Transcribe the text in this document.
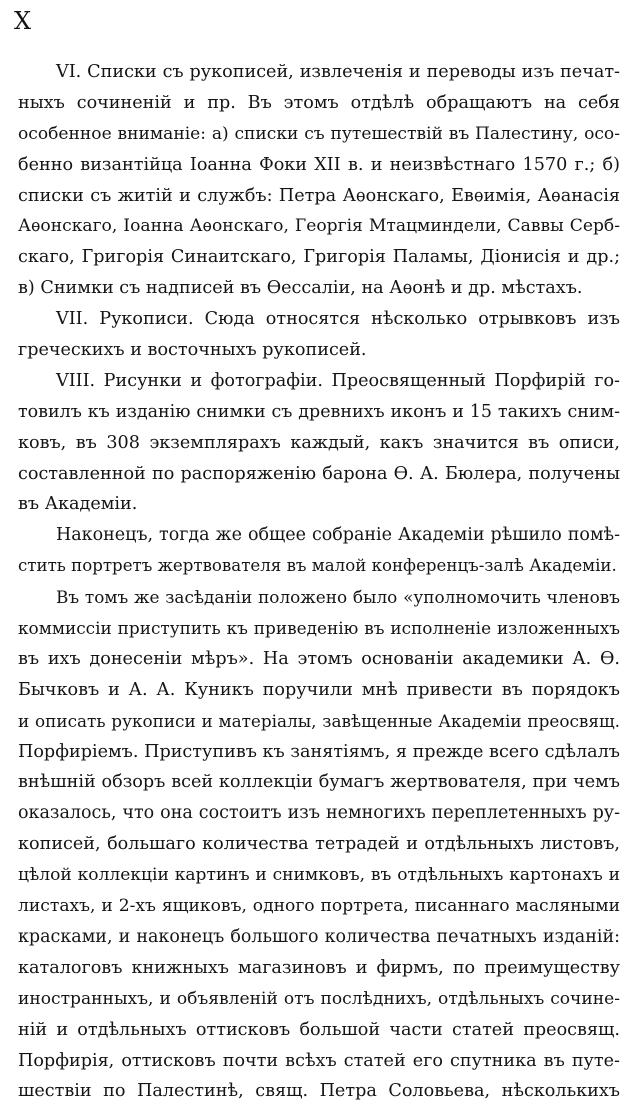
X
VI. Списки съ рукописей, извлеченія и переводы изъ печат-
ныхъ сочиненій и пр. Въ этомъ отдѣлѣ обращаютъ на себя
особенное вниманіе: а) списки съ путешествій въ Палестину, осо-
бенно византійца Іоанна Фоки XII в. и неизвѣстнаго 1570 г.; б)
списки съ житій и службъ: Петра Аѳонскаго, Евѳимія, Аѳанасія
Аѳонскаго, Іоанна Аѳонскаго, Георгія Мтацминдели, Саввы Серб-
скаго, Григорія Синаитскаго, Григорія Паламы, Діонисія и др.;
в) Снимки съ надписей въ Ѳессаліи, на Аѳонѣ и др. мѣстахъ.
VII. Рукописи. Сюда относятся нѣсколько отрывковъ изъ
греческихъ и восточныхъ рукописей.
VIII. Рисунки и фотографіи. Преосвященный Порфирій го-
товилъ къ изданію снимки съ древнихъ иконъ и 15 такихъ сним-
ковъ, въ 308 экземплярахъ каждый, какъ значится въ описи,
составленной по распоряженію барона Ѳ. А. Бюлера, получены
въ Академіи.
Наконецъ, тогда же общее собраніе Академіи рѣшило помѣ-
стить портретъ жертвователя въ малой конференцъ-залѣ Академіи.
Въ томъ же засѣданіи положено было «уполномочить членовъ
коммиссіи приступить къ приведенію въ исполненіе изложенныхъ
въ ихъ донесеніи мѣръ». На этомъ основаніи академики А. Ѳ.
Бычковъ и А. А. Куникъ поручили мнѣ привести въ порядокъ
и описать рукописи и матеріалы, завѣщенные Академіи преосвящ.
Порфиріемъ. Приступивъ къ занятіямъ, я прежде всего сдѣлалъ
внѣшній обзоръ всей коллекціи бумагъ жертвователя, при чемъ
оказалось, что она состоитъ изъ немногихъ переплетенныхъ ру-
кописей, большаго количества тетрадей и отдѣльныхъ листовъ,
цѣлой коллекціи картинъ и снимковъ, въ отдѣльныхъ картонахъ и
листахъ, и 2-хъ ящиковъ, одного портрета, писаннаго масляными
красками, и наконецъ большого количества печатныхъ изданій:
каталоговъ книжныхъ магазиновъ и фирмъ, по преимуществу
иностранныхъ, и объявленій отъ послѣднихъ, отдѣльныхъ сочине-
ній и отдѣльныхъ оттисковъ большой части статей преосвящ.
Порфирія, оттисковъ почти всѣхъ статей его спутника въ путе-
шествіи по Палестинѣ, свящ. Петра Соловьева, нѣсколькихъ
